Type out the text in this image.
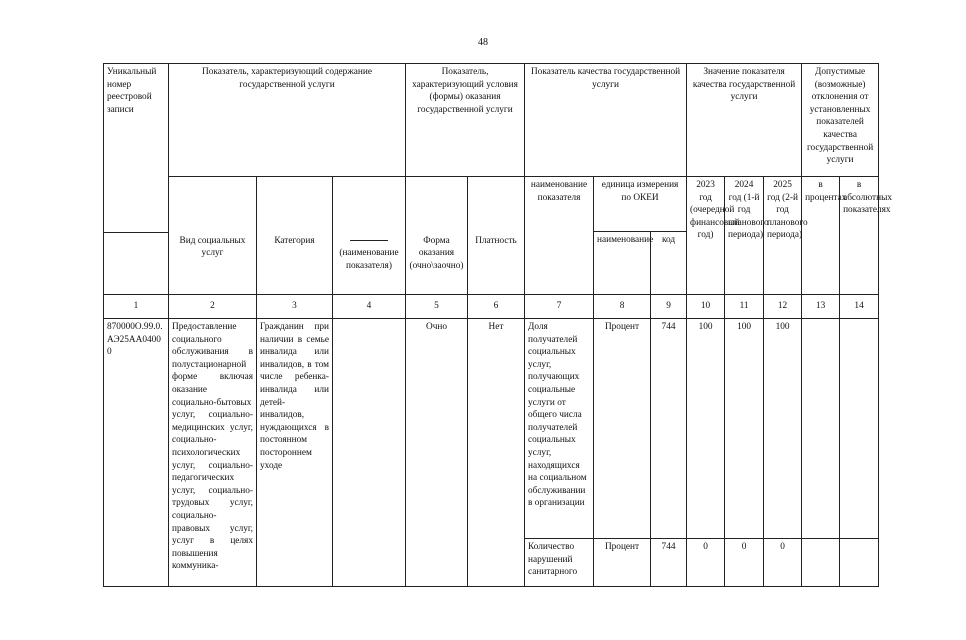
48
Уникальный номер реестровой записи	Показатель, характеризующий содержание государственной услуги			Показатель, характеризующий условия (формы) оказания государственной услуги		Показатель качества государственной услуги			Значение показателя качества государственной услуги			Допустимые (возможные) отклонения от установленных показателей качества государственной услуги	
						наименование показателя	единица измерения по ОКЕИ		2023 год (очередной финансовый год)	2024 год (1-й год планового периода)	2025 год (2-й год планового периода)	в процентах	в абсолютных показателях
							наименование	код					
	Вид социальных услуг	Категория	(наименование показателя)	Форма оказания (очно\заочно)	Платность								
1	2	3	4	5	6	7	8	9	10	11	12	13	14
870000О.99.0.АЭ25АА04000	Предоставление социального обслуживания в полустационарной форме включая оказание социально-бытовых услуг, социально-медицинских услуг, социально-психологических услуг, социально-педагогических услуг, социально-трудовых услуг, социально-правовых услуг, услуг в целях повышения коммуника-	Гражданин при наличии в семье инвалида или инвалидов, в том числе ребенка-инвалида или детей-инвалидов, нуждающихся в постоянном постороннем уходе		Очно	Нет	Доля получателей социальных услуг, получающих социальные услуги от общего числа получателей социальных услуг, находящихся на социальном обслуживании в организации	Процент	744	100	100	100		
						Количество нарушений санитарного	Процент	744	0	0	0		
